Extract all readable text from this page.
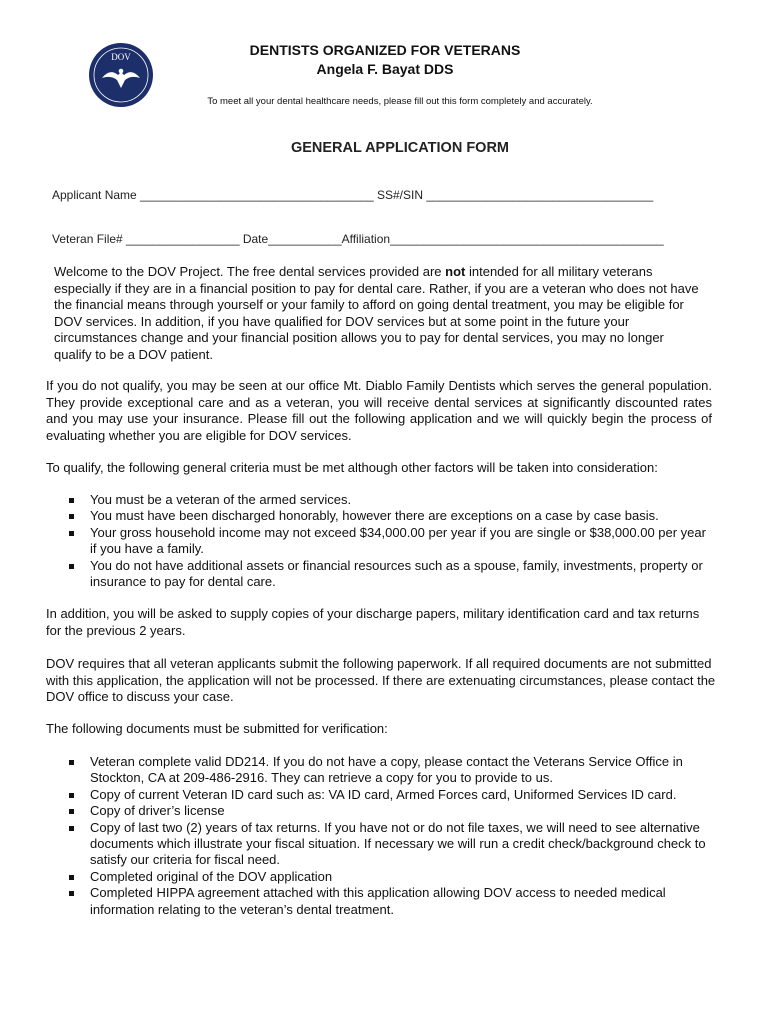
DOV	DENTISTS ORGANIZED FOR VETERANS
Angela F. Bayat DDS
To meet all your dental healthcare needs, please fill out this form completely and accurately.
GENERAL APPLICATION FORM
Applicant Name ___________________________________ SS#/SIN __________________________________
Veteran File# _________________ Date___________Affiliation_________________________________________

Welcome to the DOV Project. The free dental services provided are not intended for all military veterans especially if they are in a financial position to pay for dental care. Rather, if you are a veteran who does not have the financial means through yourself or your family to afford on going dental treatment, you may be eligible for DOV services. In addition, if you have qualified for DOV services but at some point in the future your circumstances change and your financial position allows you to pay for dental services, you may no longer qualify to be a DOV patient.

If you do not qualify, you may be seen at our office Mt. Diablo Family Dentists which serves the general population. They provide exceptional care and as a veteran, you will receive dental services at significantly discounted rates and you may use your insurance. Please fill out the following application and we will quickly begin the process of evaluating whether you are eligible for DOV services.

To qualify, the following general criteria must be met although other factors will be taken into consideration:

You must be a veteran of the armed services.
You must have been discharged honorably, however there are exceptions on a case by case basis.
Your gross household income may not exceed $34,000.00 per year if you are single or $38,000.00 per year if you have a family.
You do not have additional assets or financial resources such as a spouse, family, investments, property or insurance to pay for dental care.

In addition, you will be asked to supply copies of your discharge papers, military identification card and tax returns for the previous 2 years.

DOV requires that all veteran applicants submit the following paperwork. If all required documents are not submitted with this application, the application will not be processed. If there are extenuating circumstances, please contact the DOV office to discuss your case.

The following documents must be submitted for verification:

Veteran complete valid DD214. If you do not have a copy, please contact the Veterans Service Office in Stockton, CA at 209-486-2916. They can retrieve a copy for you to provide to us.
Copy of current Veteran ID card such as: VA ID card, Armed Forces card, Uniformed Services ID card.
Copy of driver’s license
Copy of last two (2) years of tax returns. If you have not or do not file taxes, we will need to see alternative documents which illustrate your fiscal situation. If necessary we will run a credit check/background check to satisfy our criteria for fiscal need.
Completed original of the DOV application
Completed HIPPA agreement attached with this application allowing DOV access to needed medical information relating to the veteran’s dental treatment.
